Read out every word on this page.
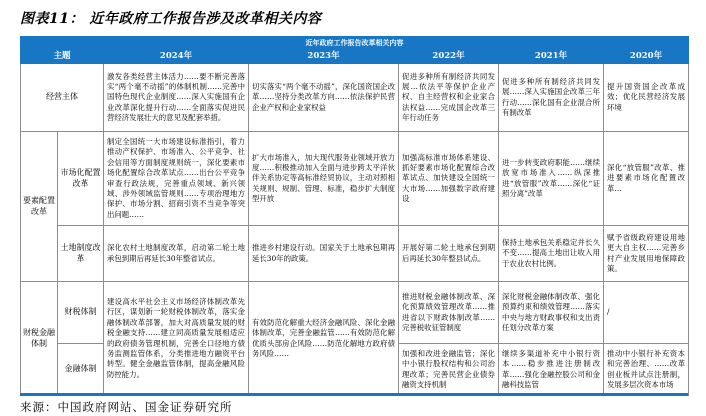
图表11： 近年政府工作报告涉及改革相关内容
近年政府工作报告改革相关内容						
主题		2024年	2023年	2022年	2021年	2020年
经营主体		激发各类经营主体活力……要不断完善落实“两个毫不动摇”的体制机制……完善中国特色现代企业制度……深入实施国有企业改革深化提升行动……全面落实促进民营经济发展壮大的意见及配套举措。	切实落实“两个毫不动摇”，深化国资国企改革……坚持分类改革方向……依法保护民营企业产权和企业家权益	促进多种所有制经济共同发展…依法平等保护企业产权、自主经营权和企业家合法权益……完成国企改革三年行动任务	促进多种所有制经济共同发展……深入实施国企改革三年行动……深化国有企业混合所有制改革	提升国资国企改革成效；优化民营经济发展环境
要素配置改革	市场化配置改革	制定全国统一大市场建设标准指引，着力推动产权保护、市场准入、公平竞争、社会信用等方面制度规则统一，深化要素市场化配置综合改革试点……出台公平竞争审查行政法规，完善重点领域、新兴领域、涉外领域监管规则……专项治理地方保护、市场分割、招商引资不当竞争等突出问题……	扩大市场准入，加大现代服务业领域开放力度……积极推动加入全面与进步跨太平洋伙伴关系协定等高标准经贸协议，主动对照相关规则、规制、管理、标准，稳步扩大制度型开放	加强高标准市场体系建设、抓好要素市场化配置综合改革试点、加快建设全国统一大市场……加强数字政府建设	进一步转变政府职能……继续放宽市场准入……纵深推进“放管服”改革……深化“证照分离”改革	深化“放管服”改革、推进要素市场化配置改革…
	土地制度改革	深化农村土地制度改革，启动第二轮土地承包到期后再延长30年整省试点。	推进乡村建设行动。国家关于土地承包期再延长30年的政策。	开展好第二轮土地承包到期后再延长30年整县试点。	保持土地承包关系稳定并长久不变……提高土地出让收入用于农业农村比例。	赋予省级政府建设用地更大自主权……完善乡村产业发展用地保障政策。
财税金融体制	财税体制	建设高水平社会主义市场经济体制改革先行区，谋划新一轮财税体制改革，落实金融体制改革部署，加大对高质量发展的财税金融支持……建立同高质量发展相适应的政府债务管理机制，完善全口径地方债务监测监管体系，分类推进地方融资平台转型。健全金融监管体制，提高金融风险防控能力。	有效防范化解重大经济金融风险、深化金融体制改革，完善金融监管……有效防范化解优质头部房企风险……防范化解地方政府债务风险……	推进财税金融体制改革、深化预算绩效管理改革……推进省以下财政体制改革……完善税收征管制度	深化财税金融体制改革、强化预算约束和绩效管理……落实中央与地方财政事权和支出责任划分改革方案	/
	金融体制			加强和改进金融监管；深化中小银行股权结构和公司治理改革；完善民营企业债券融资支持机制	继续多渠道补充中小银行资本……稳步推进注册制改革……强化金融控股公司和金融科技监管	推动中小银行补充资本和完善治理、……改革创业板并试点注册制，发展多层次资本市场
来源：中国政府网站、国金证券研究所
